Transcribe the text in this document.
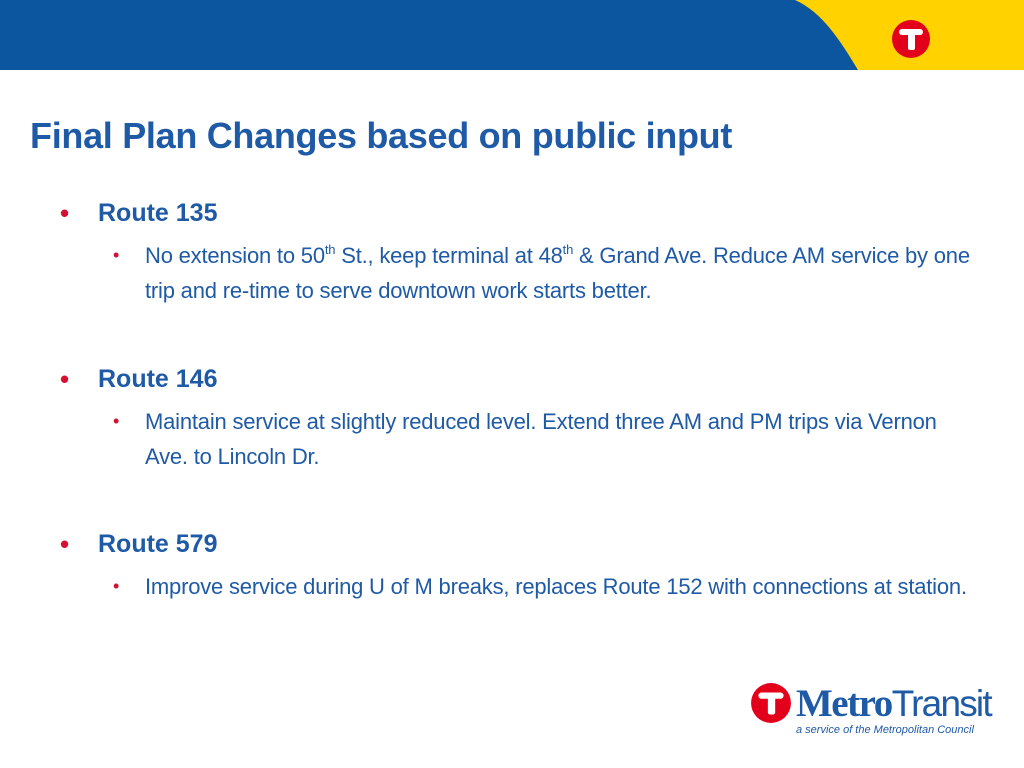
Final Plan Changes based on public input
•	Route 135
•	No extension to 50th St., keep terminal at 48th & Grand Ave. Reduce AM service by one trip and re-time to serve downtown work starts better.
•	Route 146
•	Maintain service at slightly reduced level. Extend three AM and PM trips via Vernon Ave. to Lincoln Dr.
•	Route 579
•	Improve service during U of M breaks, replaces Route 152 with connections at station.
MetroTransit
a service of the Metropolitan Council
